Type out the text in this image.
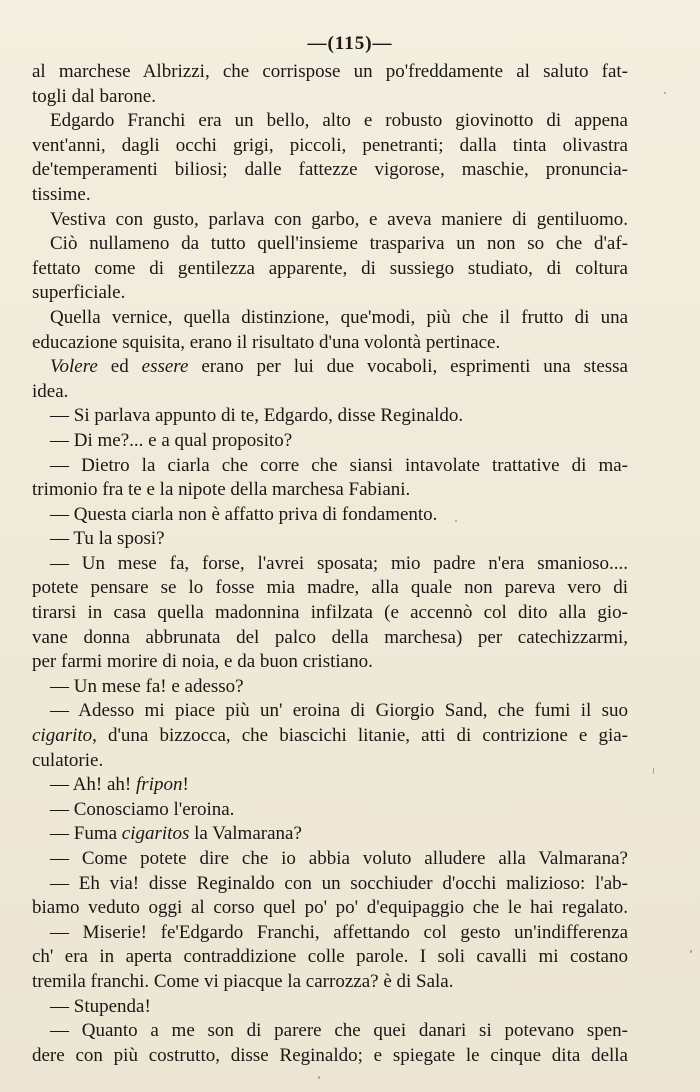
—(115)—
al marchese Albrizzi, che corrispose un po'freddamente al saluto fat-
togli dal barone.
Edgardo Franchi era un bello, alto e robusto giovinotto di appena
vent'anni, dagli occhi grigi, piccoli, penetranti; dalla tinta olivastra
de'temperamenti biliosi; dalle fattezze vigorose, maschie, pronuncia-
tissime.
Vestiva con gusto, parlava con garbo, e aveva maniere di gentiluomo.
Ciò nullameno da tutto quell'insieme traspariva un non so che d'af-
fettato come di gentilezza apparente, di sussiego studiato, di coltura
superficiale.
Quella vernice, quella distinzione, que'modi, più che il frutto di una
educazione squisita, erano il risultato d'una volontà pertinace.
Volere ed essere erano per lui due vocaboli, esprimenti una stessa
idea.
— Si parlava appunto di te, Edgardo, disse Reginaldo.
— Di me?... e a qual proposito?
— Dietro la ciarla che corre che siansi intavolate trattative di ma-
trimonio fra te e la nipote della marchesa Fabiani.
— Questa ciarla non è affatto priva di fondamento.
— Tu la sposi?
— Un mese fa, forse, l'avrei sposata; mio padre n'era smanioso....
potete pensare se lo fosse mia madre, alla quale non pareva vero di
tirarsi in casa quella madonnina infilzata (e accennò col dito alla gio-
vane donna abbrunata del palco della marchesa) per catechizzarmi,
per farmi morire di noia, e da buon cristiano.
— Un mese fa! e adesso?
— Adesso mi piace più un' eroina di Giorgio Sand, che fumi il suo
cigarito, d'una bizzocca, che biascichi litanie, atti di contrizione e gia-
culatorie.
— Ah! ah! fripon!
— Conosciamo l'eroina.
— Fuma cigaritos la Valmarana?
— Come potete dire che io abbia voluto alludere alla Valmarana?
— Eh via! disse Reginaldo con un socchiuder d'occhi malizioso: l'ab-
biamo veduto oggi al corso quel po' po' d'equipaggio che le hai regalato.
— Miserie! fe'Edgardo Franchi, affettando col gesto un'indifferenza
ch' era in aperta contraddizione colle parole. I soli cavalli mi costano
tremila franchi. Come vi piacque la carrozza? è di Sala.
— Stupenda!
— Quanto a me son di parere che quei danari si potevano spen-
dere con più costrutto, disse Reginaldo; e spiegate le cinque dita della
